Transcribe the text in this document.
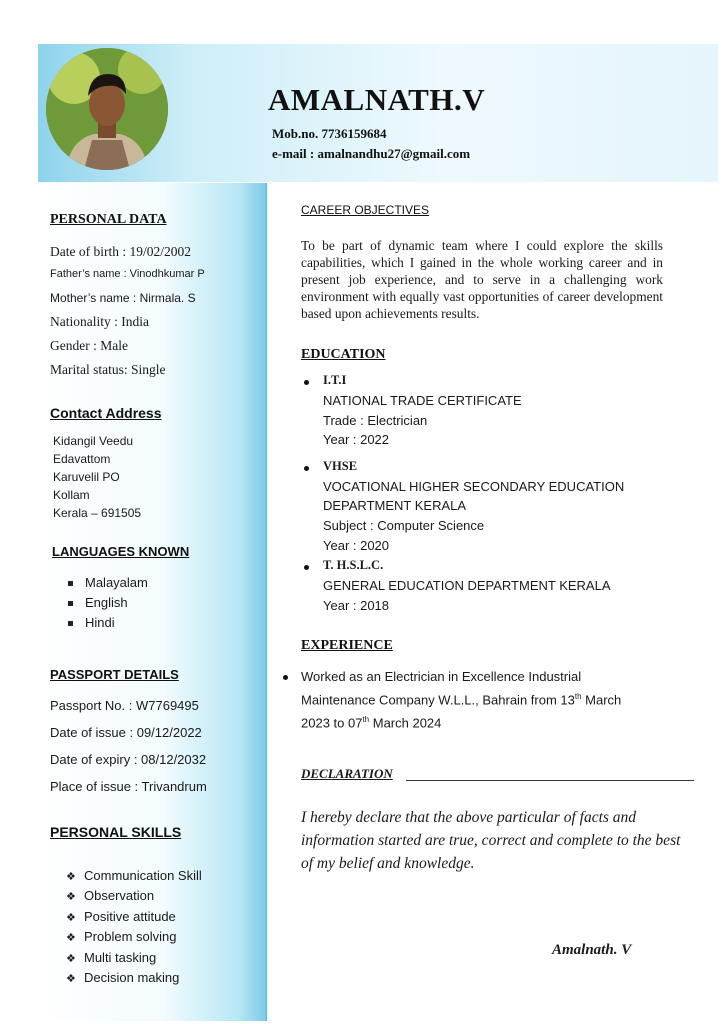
AMALNATH.V

Mob.no. 7736159684

e-mail : amalnandhu27@gmail.com

PERSONAL DATA

Date of birth : 19/02/2002

Father’s name : Vinodhkumar P

Mother’s name : Nirmala. S

Nationality : India

Gender : Male

Marital status: Single

Contact Address

Kidangil Veedu

Edavattom

Karuvelil PO

Kollam

Kerala – 691505

LANGUAGES KNOWN

Malayalam

English

Hindi

PASSPORT DETAILS

Passport No. : W7769495

Date of issue : 09/12/2022

Date of expiry : 08/12/2032

Place of issue : Trivandrum

PERSONAL SKILLS

❖ Communication Skill

❖ Observation

❖ Positive attitude

❖ Problem solving

❖ Multi tasking

❖ Decision making

CAREER OBJECTIVES

To be part of dynamic team where I could explore the skills capabilities, which I gained in the whole working career and in present job experience, and to serve in a challenging work environment with equally vast opportunities of career development based upon achievements results.

EDUCATION

I.T.I

NATIONAL TRADE CERTIFICATE

Trade : Electrician

Year : 2022

VHSE

VOCATIONAL HIGHER SECONDARY EDUCATION

DEPARTMENT KERALA

Subject : Computer Science

Year : 2020

T. H.S.L.C.

GENERAL EDUCATION DEPARTMENT KERALA

Year : 2018

EXPERIENCE

Worked as an Electrician in Excellence Industrial
Maintenance Company W.L.L., Bahrain from 13th March
2023 to 07th March 2024

DECLARATION

I hereby declare that the above particular of facts and information started are true, correct and complete to the best of my belief and knowledge.

Amalnath. V
